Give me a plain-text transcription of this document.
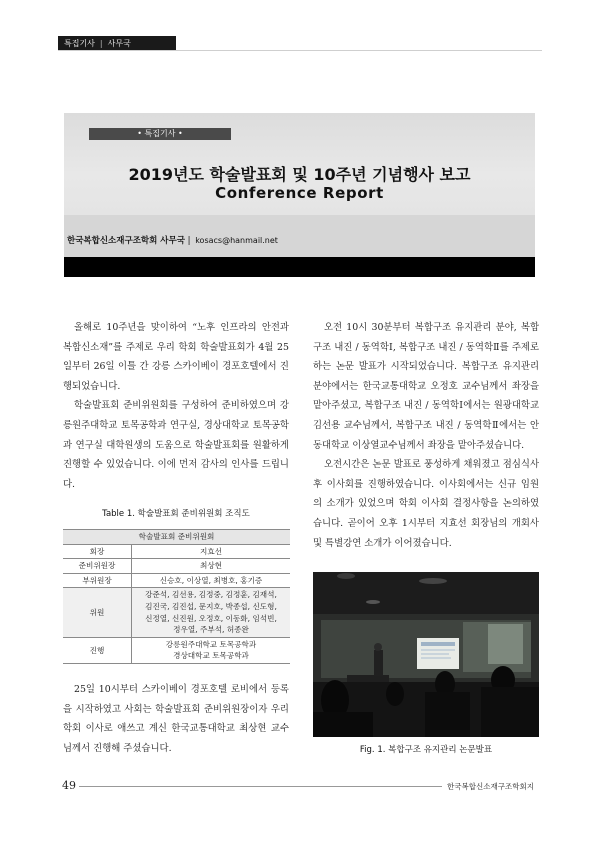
특집기사 | 사무국
• 특집기사 •
2019년도 학술발표회 및 10주년 기념행사 보고
Conference Report
한국복합신소재구조학회 사무국 | kosacs@hanmail.net

올해로 10주년을 맞이하여 “노후 인프라의 안전과 복합신소재”를 주제로 우리 학회 학술발표회가 4월 25일부터 26일 이틀 간 강릉 스카이베이 경포호텔에서 진행되었습니다.

학술발표회 준비위원회를 구성하여 준비하였으며 강릉원주대학교 토목공학과 연구실, 경상대학교 토목공학과 연구실 대학원생의 도움으로 학술발표회를 원활하게 진행할 수 있었습니다. 이에 먼저 감사의 인사를 드립니다.

Table 1. 학술발표회 준비위원회 조직도
학술발표회 준비위원회	
회장	지효선
준비위원장	최상현
부위원장	신승호, 이상열, 최병호, 홍기증
위원	강준석, 김선용, 김정중, 김정훈, 김재석,
김진국, 김진섭, 문지호, 박종섭, 신도형,
신정열, 신진원, 오정호, 이동화, 임석빈,
정우열, 주부석, 허종완

진행	강릉원주대학교 토목공학과
경상대학교 토목공학과

25일 10시부터 스카이베이 경포호텔 로비에서 등록을 시작하였고 사회는 학술발표회 준비위원장이자 우리학회 이사로 애쓰고 계신 한국교통대학교 최상현 교수님께서 진행해 주셨습니다.

오전 10시 30분부터 복합구조 유지관리 분야, 복합구조 내진 / 동역학Ⅰ, 복합구조 내진 / 동역학Ⅱ를 주제로 하는 논문 발표가 시작되었습니다. 복합구조 유지관리 분야에서는 한국교통대학교 오정호 교수님께서 좌장을 맡아주셨고, 복합구조 내진 / 동역학Ⅰ에서는 원광대학교 김선용 교수님께서, 복합구조 내진 / 동역학Ⅱ에서는 안동대학교 이상열교수님께서 좌장을 맡아주셨습니다.

오전시간은 논문 발표로 풍성하게 채워졌고 점심식사 후 이사회를 진행하였습니다. 이사회에서는 신규 임원의 소개가 있었으며 학회 이사회 결정사항을 논의하였습니다. 곧이어 오후 1시부터 지효선 회장님의 개회사 및 특별강연 소개가 이어졌습니다.

Fig. 1. 복합구조 유지관리 논문발표
49	한국복합신소재구조학회지
